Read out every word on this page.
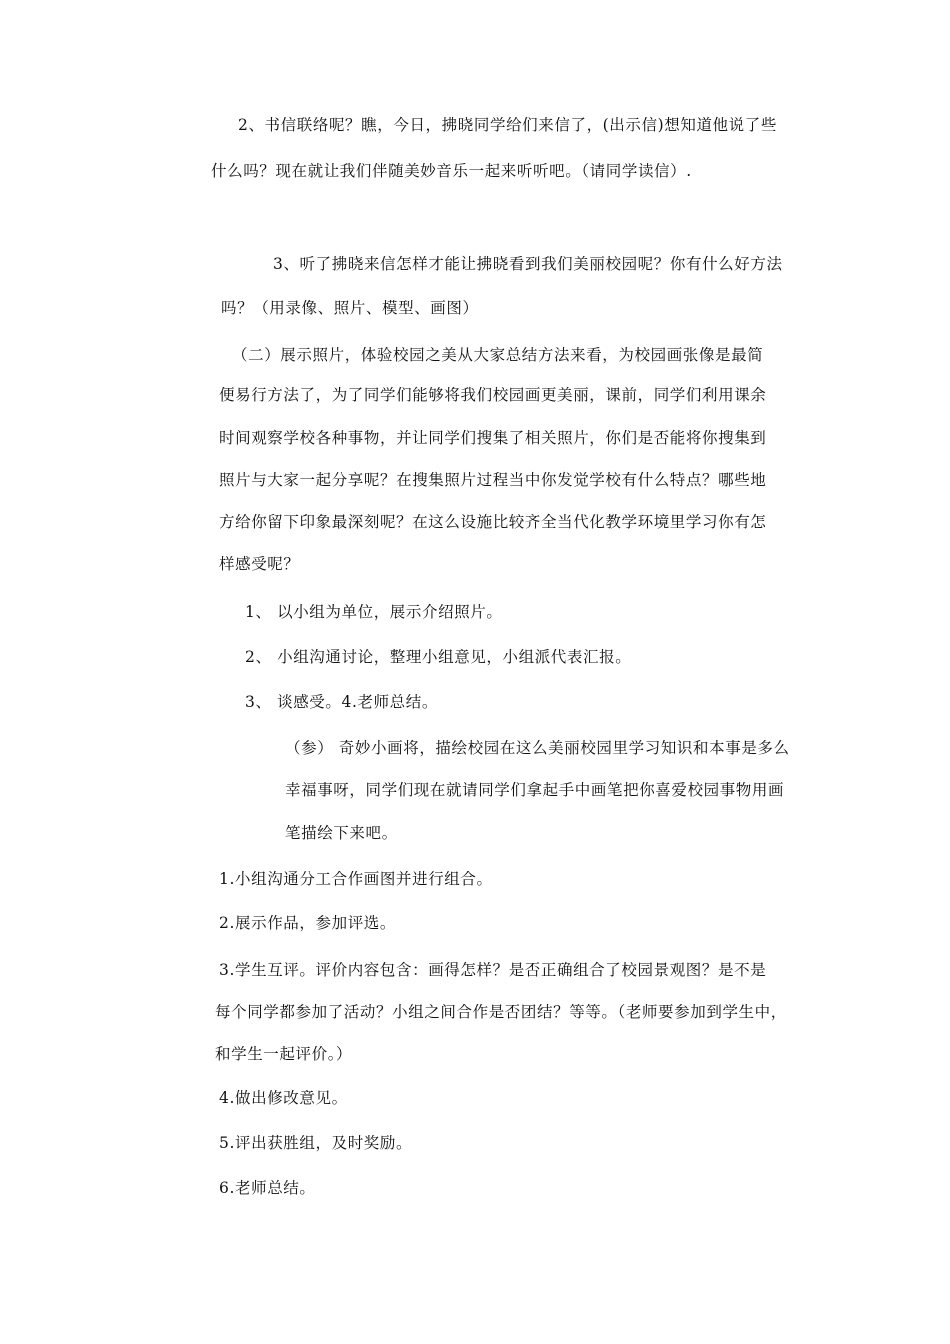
2、书信联络呢？瞧，今日，拂晓同学给们来信了，(出示信)想知道他说了些
什么吗？现在就让我们伴随美妙音乐一起来听听吧。（请同学读信）.
3、听了拂晓来信怎样才能让拂晓看到我们美丽校园呢？你有什么好方法
吗？（用录像、照片、模型、画图）
（二）展示照片，体验校园之美从大家总结方法来看，为校园画张像是最简
便易行方法了，为了同学们能够将我们校园画更美丽，课前，同学们利用课余
时间观察学校各种事物，并让同学们搜集了相关照片，你们是否能将你搜集到
照片与大家一起分享呢？在搜集照片过程当中你发觉学校有什么特点？哪些地
方给你留下印象最深刻呢？在这么设施比较齐全当代化教学环境里学习你有怎
样感受呢？
1、 以小组为单位，展示介绍照片。
2、 小组沟通讨论，整理小组意见，小组派代表汇报。
3、 谈感受。4.老师总结。
（参） 奇妙小画将，描绘校园在这么美丽校园里学习知识和本事是多么
幸福事呀，同学们现在就请同学们拿起手中画笔把你喜爱校园事物用画
笔描绘下来吧。
1.小组沟通分工合作画图并进行组合。
2.展示作品，参加评选。
3.学生互评。评价内容包含：画得怎样？是否正确组合了校园景观图？是不是
每个同学都参加了活动？小组之间合作是否团结？等等。（老师要参加到学生中，
和学生一起评价。）
4.做出修改意见。
5.评出获胜组，及时奖励。
6.老师总结。
